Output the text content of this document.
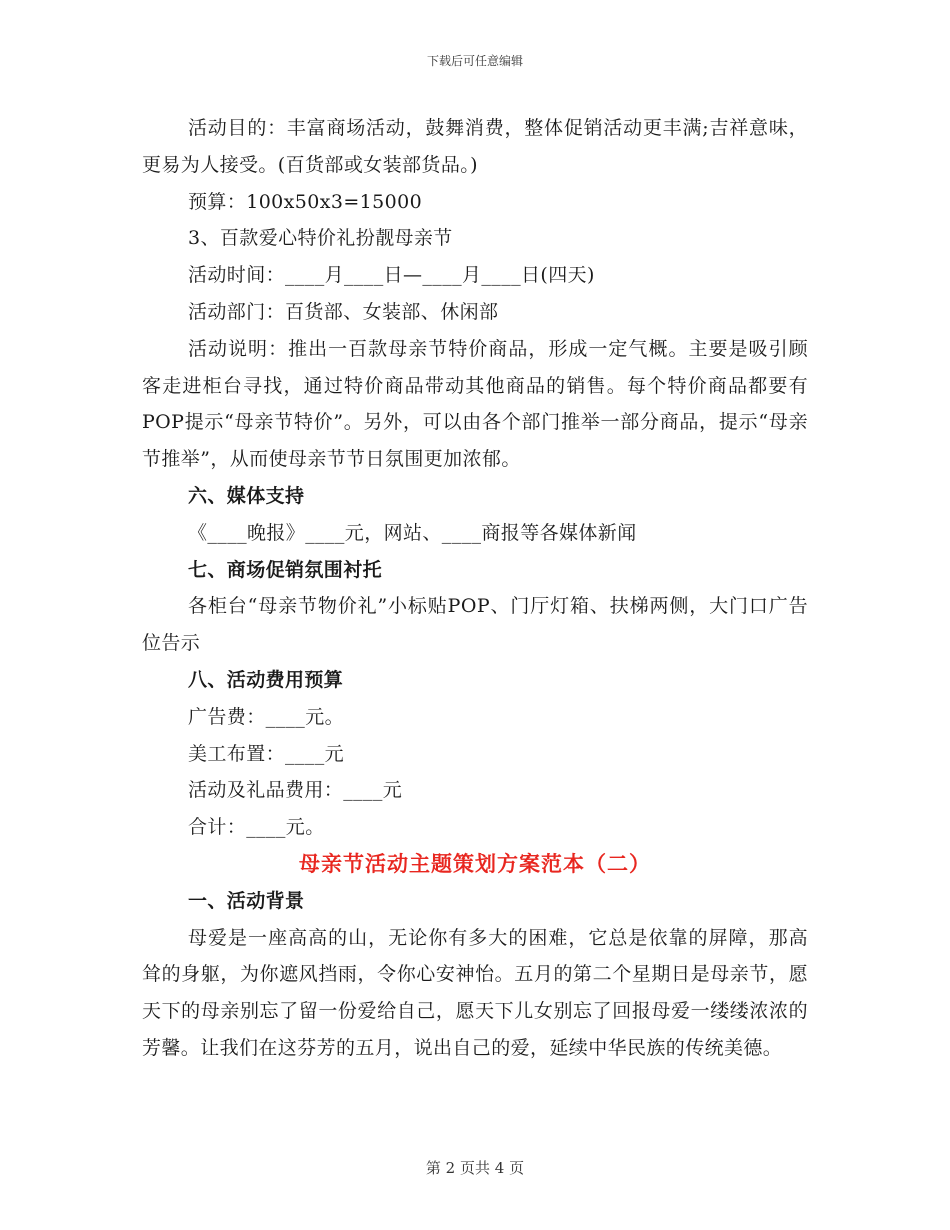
下载后可任意编辑

活动目的：丰富商场活动，鼓舞消费，整体促销活动更丰满;吉祥意味，更易为人接受。(百货部或女装部货品。)

预算：100x50x3=15000

3、百款爱心特价礼扮靓母亲节

活动时间：____月____日—____月____日(四天)

活动部门：百货部、女装部、休闲部

活动说明：推出一百款母亲节特价商品，形成一定气概。主要是吸引顾客走进柜台寻找，通过特价商品带动其他商品的销售。每个特价商品都要有POP提示“母亲节特价”。另外，可以由各个部门推举一部分商品，提示“母亲节推举”，从而使母亲节节日氛围更加浓郁。

六、媒体支持

《____晚报》____元，网站、____商报等各媒体新闻

七、商场促销氛围衬托

各柜台“母亲节物价礼”小标贴POP、门厅灯箱、扶梯两侧，大门口广告位告示

八、活动费用预算

广告费：____元。

美工布置：____元

活动及礼品费用：____元

合计：____元。

母亲节活动主题策划方案范本（二）

一、活动背景

母爱是一座高高的山，无论你有多大的困难，它总是依靠的屏障，那高耸的身躯，为你遮风挡雨，令你心安神怡。五月的第二个星期日是母亲节，愿天下的母亲别忘了留一份爱给自己，愿天下儿女别忘了回报母爱一缕缕浓浓的芳馨。让我们在这芬芳的五月，说出自己的爱，延续中华民族的传统美德。

第 2 页共 4 页
